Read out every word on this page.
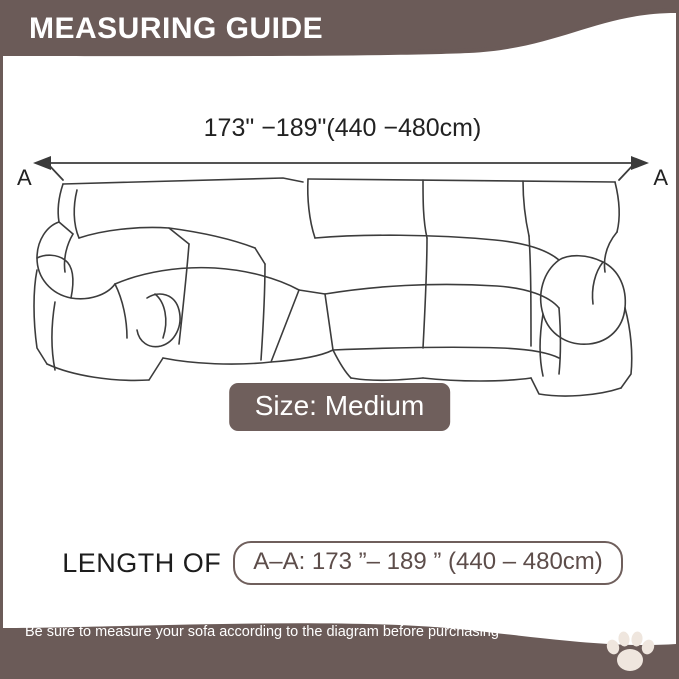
MEASURING GUIDE
173" −189"(440 −480cm)
A	A
Size: Medium
LENGTH OF	A–A: 173 ”– 189 ” (440 – 480cm)
Be sure to measure your sofa according to the diagram before purchasing
